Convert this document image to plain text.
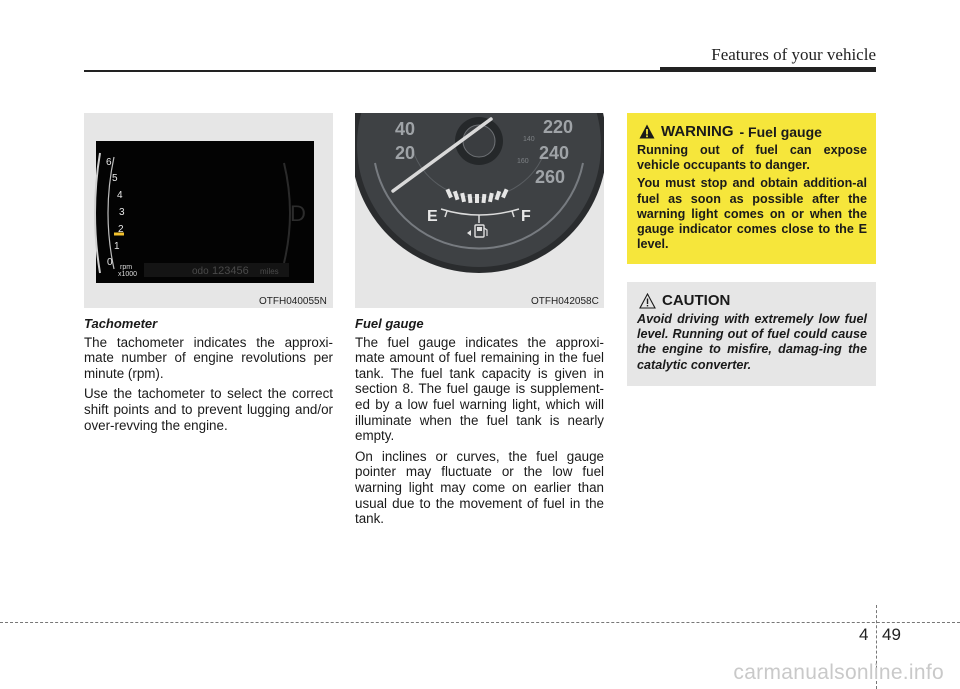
Features of your vehicle
D
6
5
4
3
2
1
0 rpm
x1000	odo 123456 miles
OTFH040055N
40
20
220
240
260
140
160
E	F
OTFH042058C
Tachometer

The tachometer indicates the approxi-mate number of engine revolutions per minute (rpm).

Use the tachometer to select the correct shift points and to prevent lugging and/or over-revving the engine.

Fuel gauge

The fuel gauge indicates the approxi-mate amount of fuel remaining in the fuel tank. The fuel tank capacity is given in section 8. The fuel gauge is supplement-ed by a low fuel warning light, which will illuminate when the fuel tank is nearly empty.

On inclines or curves, the fuel gauge pointer may fluctuate or the low fuel warning light may come on earlier than usual due to the movement of fuel in the tank.

WARNING - Fuel gauge

Running out of fuel can expose vehicle occupants to danger.

You must stop and obtain addition-al fuel as soon as possible after the warning light comes on or when the gauge indicator comes close to the E level.

CAUTION

Avoid driving with extremely low fuel level. Running out of fuel could cause the engine to misfire, damag-ing the catalytic converter.

4 49
carmanualsonline.info
